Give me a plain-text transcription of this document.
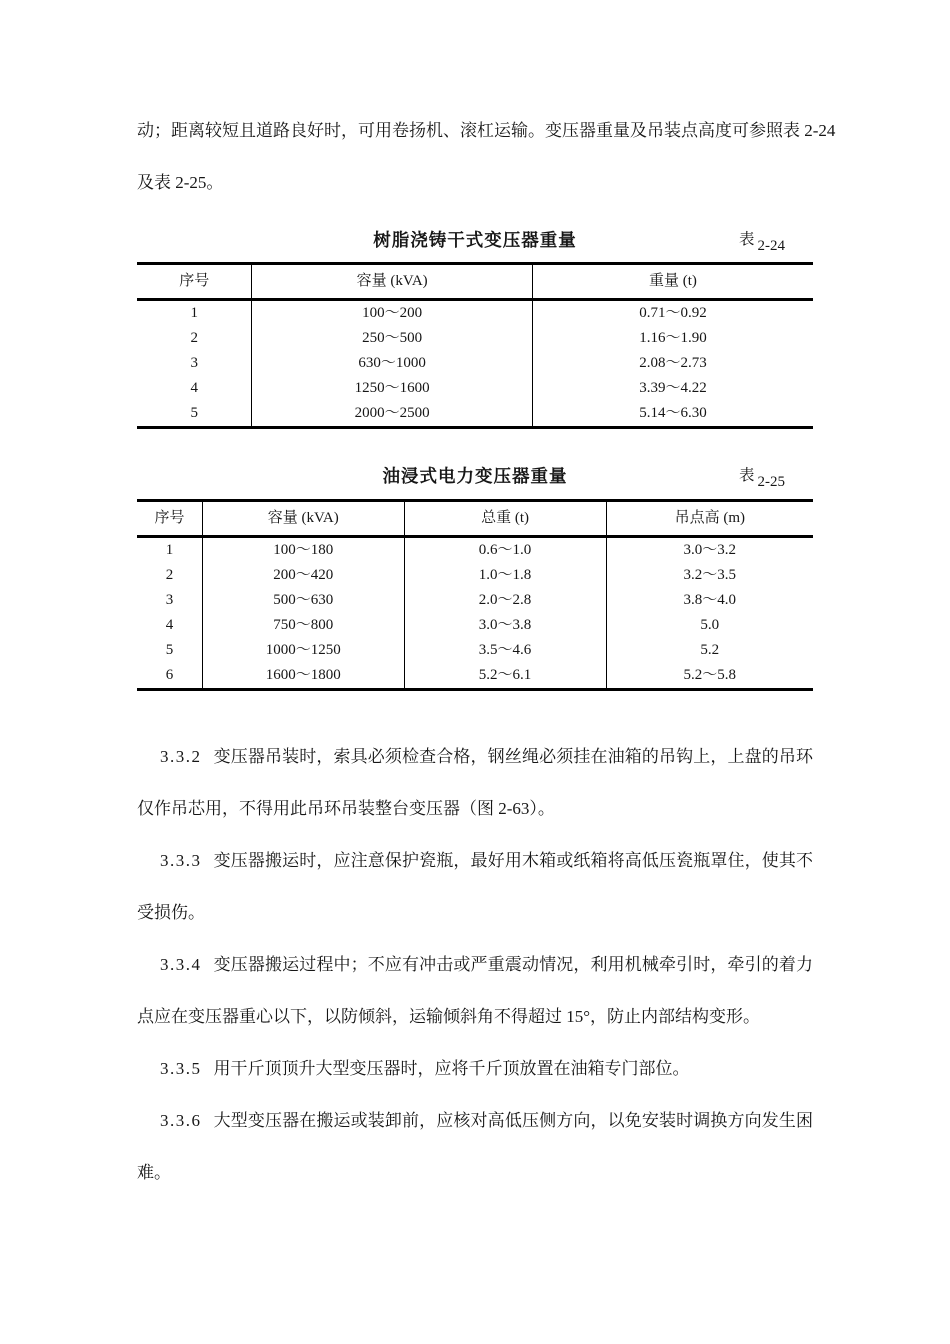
动；距离较短且道路良好时，可用卷扬机、滚杠运输。变压器重量及吊装点高度可参照表 2-24
及表 2-25。

树脂浇铸干式变压器重量	表 2-24
序号	容量 (kVA)	重量 (t)
1	100～200	0.71～0.92
2	250～500	1.16～1.90
3	630～1000	2.08～2.73
4	1250～1600	3.39～4.22
5	2000～2500	5.14～6.30
油浸式电力变压器重量	表 2-25
序号	容量 (kVA)	总重 (t)	吊点高 (m)
1	100～180	0.6～1.0	3.0～3.2
2	200～420	1.0～1.8	3.2～3.5
3	500～630	2.0～2.8	3.8～4.0
4	750～800	3.0～3.8	5.0
5	1000～1250	3.5～4.6	5.2
6	1600～1800	5.2～6.1	5.2～5.8

3.3.2 变压器吊装时，索具必须检查合格，钢丝绳必须挂在油箱的吊钩上，上盘的吊环仅作吊芯用，不得用此吊环吊装整台变压器（图 2-63）。

3.3.3 变压器搬运时，应注意保护瓷瓶，最好用木箱或纸箱将高低压瓷瓶罩住，使其不受损伤。

3.3.4 变压器搬运过程中；不应有冲击或严重震动情况，利用机械牵引时，牵引的着力点应在变压器重心以下，以防倾斜，运输倾斜角不得超过 15°，防止内部结构变形。

3.3.5 用干斤顶顶升大型变压器时，应将千斤顶放置在油箱专门部位。

3.3.6 大型变压器在搬运或装卸前，应核对高低压侧方向，以免安装时调换方向发生困难。
